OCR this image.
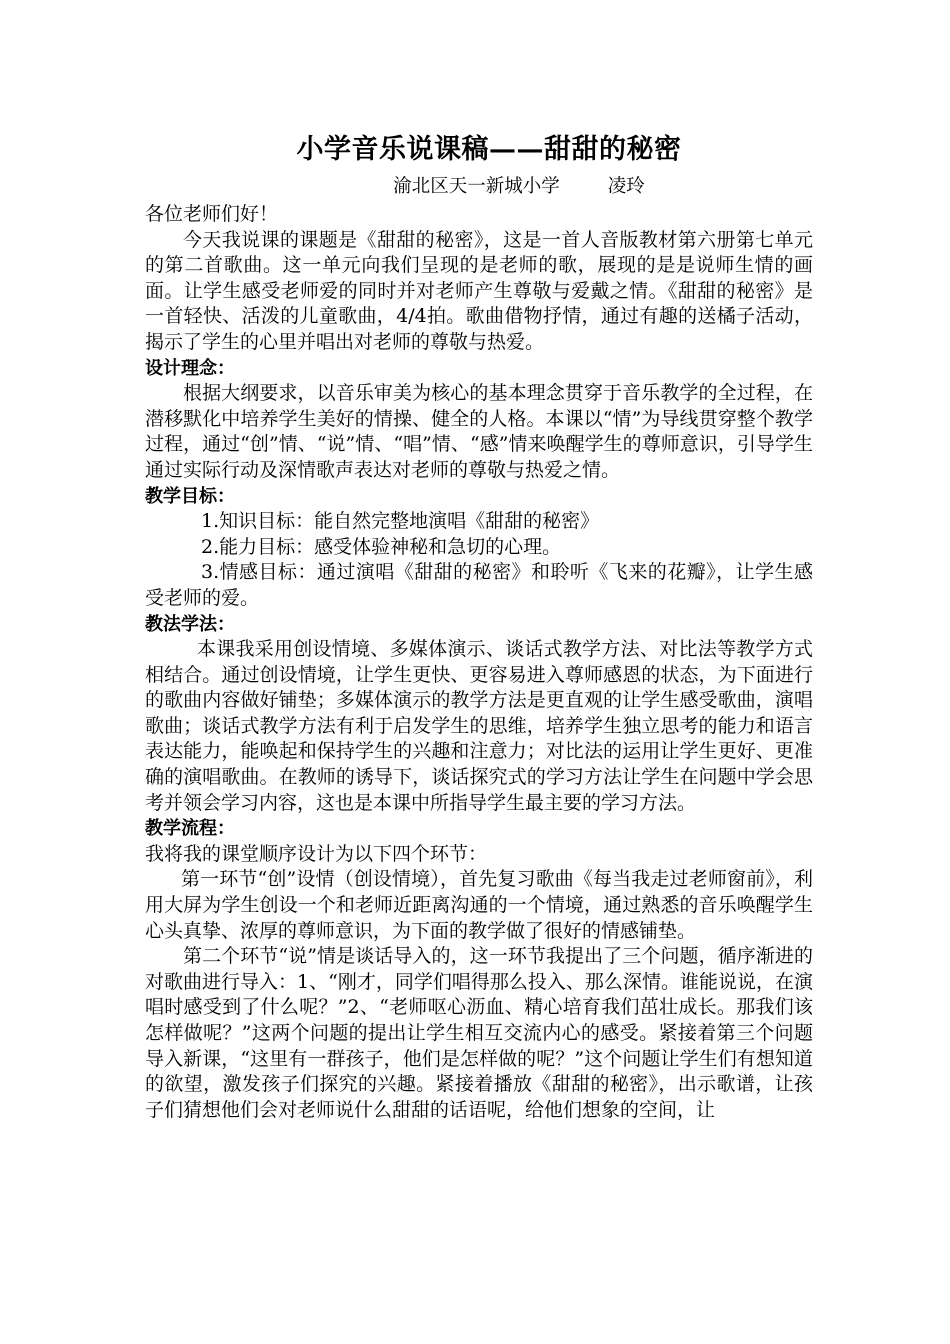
小学音乐说课稿——甜甜的秘密
渝北区天一新城小学	凌玲

各位老师们好！

今天我说课的课题是《甜甜的秘密》，这是一首人音版教材第六册第七单元的第二首歌曲。这一单元向我们呈现的是老师的歌，展现的是是说师生情的画面。让学生感受老师爱的同时并对老师产生尊敬与爱戴之情。《甜甜的秘密》是一首轻快、活泼的儿童歌曲，4/4拍。歌曲借物抒情，通过有趣的送橘子活动，揭示了学生的心里并唱出对老师的尊敬与热爱。

设计理念：

根据大纲要求，以音乐审美为核心的基本理念贯穿于音乐教学的全过程，在潜移默化中培养学生美好的情操、健全的人格。本课以“情”为导线贯穿整个教学过程，通过“创”情、“说”情、“唱”情、“感”情来唤醒学生的尊师意识，引导学生通过实际行动及深情歌声表达对老师的尊敬与热爱之情。

教学目标：

1.知识目标：能自然完整地演唱《甜甜的秘密》

2.能力目标：感受体验神秘和急切的心理。

3.情感目标：通过演唱《甜甜的秘密》和聆听《飞来的花瓣》，让学生感受老师的爱。

教法学法：

本课我采用创设情境、多媒体演示、谈话式教学方法、对比法等教学方式相结合。通过创设情境，让学生更快、更容易进入尊师感恩的状态，为下面进行的歌曲内容做好铺垫；多媒体演示的教学方法是更直观的让学生感受歌曲，演唱歌曲；谈话式教学方法有利于启发学生的思维，培养学生独立思考的能力和语言表达能力，能唤起和保持学生的兴趣和注意力；对比法的运用让学生更好、更准确的演唱歌曲。在教师的诱导下，谈话探究式的学习方法让学生在问题中学会思考并领会学习内容，这也是本课中所指导学生最主要的学习方法。

教学流程：

我将我的课堂顺序设计为以下四个环节：

第一环节“创”设情（创设情境），首先复习歌曲《每当我走过老师窗前》，利用大屏为学生创设一个和老师近距离沟通的一个情境，通过熟悉的音乐唤醒学生心头真挚、浓厚的尊师意识，为下面的教学做了很好的情感铺垫。

第二个环节“说”情是谈话导入的，这一环节我提出了三个问题，循序渐进的对歌曲进行导入：1、“刚才，同学们唱得那么投入、那么深情。谁能说说，在演唱时感受到了什么呢？”2、“老师呕心沥血、精心培育我们茁壮成长。那我们该怎样做呢？”这两个问题的提出让学生相互交流内心的感受。紧接着第三个问题导入新课，“这里有一群孩子，他们是怎样做的呢？”这个问题让学生们有想知道的欲望，激发孩子们探究的兴趣。紧接着播放《甜甜的秘密》，出示歌谱，让孩子们猜想他们会对老师说什么甜甜的话语呢，给他们想象的空间，让
